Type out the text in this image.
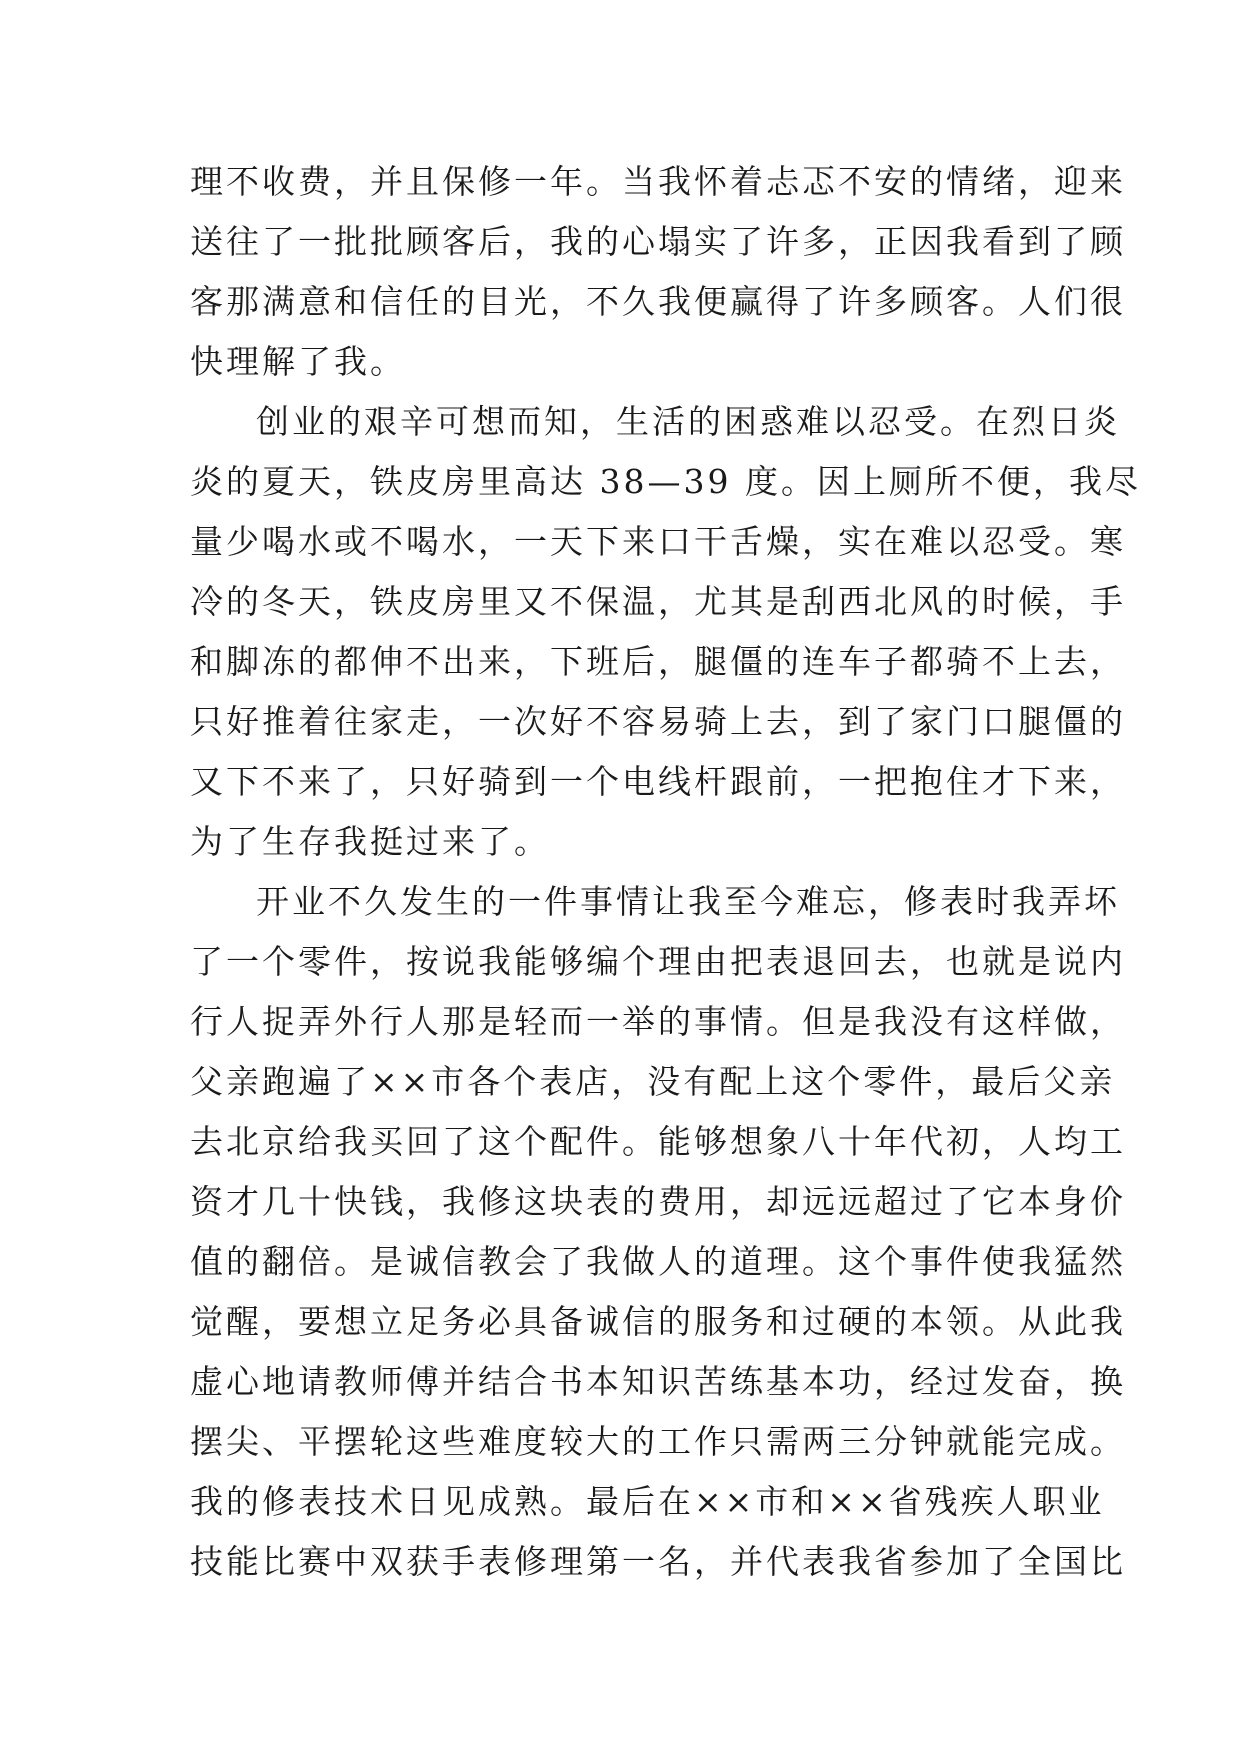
理不收费，并且保修一年。当我怀着忐忑不安的情绪，迎来
送往了一批批顾客后，我的心塌实了许多，正因我看到了顾
客那满意和信任的目光，不久我便赢得了许多顾客。人们很
快理解了我。
创业的艰辛可想而知，生活的困惑难以忍受。在烈日炎
炎的夏天，铁皮房里高达 38—39 度。因上厕所不便，我尽
量少喝水或不喝水，一天下来口干舌燥，实在难以忍受。寒
冷的冬天，铁皮房里又不保温，尤其是刮西北风的时候，手
和脚冻的都伸不出来，下班后，腿僵的连车子都骑不上去，
只好推着往家走，一次好不容易骑上去，到了家门口腿僵的
又下不来了，只好骑到一个电线杆跟前，一把抱住才下来，
为了生存我挺过来了。
开业不久发生的一件事情让我至今难忘，修表时我弄坏
了一个零件，按说我能够编个理由把表退回去，也就是说内
行人捉弄外行人那是轻而一举的事情。但是我没有这样做，
父亲跑遍了××市各个表店，没有配上这个零件，最后父亲
去北京给我买回了这个配件。能够想象八十年代初，人均工
资才几十快钱，我修这块表的费用，却远远超过了它本身价
值的翻倍。是诚信教会了我做人的道理。这个事件使我猛然
觉醒，要想立足务必具备诚信的服务和过硬的本领。从此我
虚心地请教师傅并结合书本知识苦练基本功，经过发奋，换
摆尖、平摆轮这些难度较大的工作只需两三分钟就能完成。
我的修表技术日见成熟。最后在××市和××省残疾人职业
技能比赛中双获手表修理第一名，并代表我省参加了全国比
